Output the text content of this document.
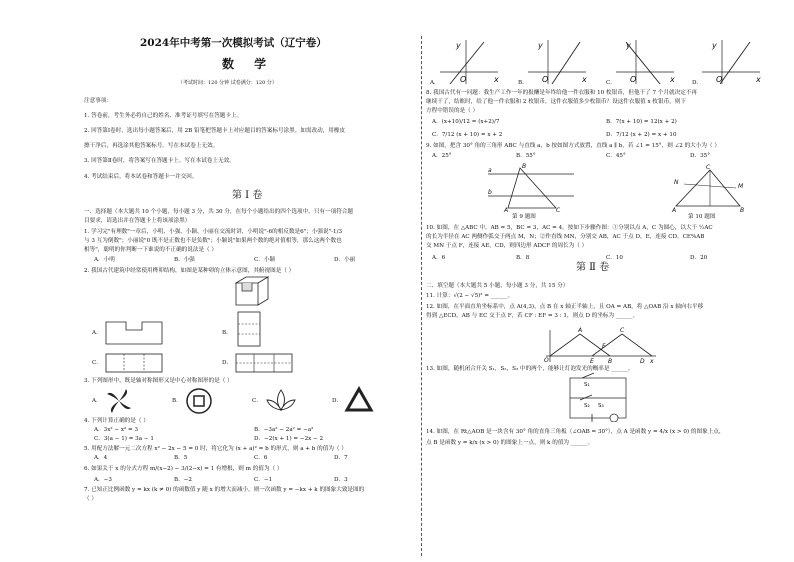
2024年中考第一次模拟考试（辽宁卷）
数 学
（考试时间：120 分钟 试卷满分：120 分）
注意事项：
1. 答卷前，考生务必将自己的姓名、准考证号填写在答题卡上。
2. 回答第Ⅰ卷时，选出每小题答案后，用 2B 铅笔把答题卡上对应题目的答案标号涂黑。如需改动，用橡皮
擦干净后，再选涂其他答案标号。写在本试卷上无效。
3. 回答第Ⅱ卷时，将答案写在答题卡上。写在本试卷上无效。
4. 考试结束后，将本试卷和答题卡一并交回。
第 Ⅰ 卷
一、选择题（本大题共 10 个小题，每小题 3 分，共 30 分，在每个小题给出的四个选项中，只有一项符合题
目要求，请选出并在答题卡上将该项涂黑）
1. 学习完"有理数"一章后，小明、小强、小颖、小丽在交流时讲，小明说"-6的相反数是6"；小强说"-1/3
与 3 互为倒数"；小丽说"0 既不是正数也不是负数"；小颖说"如果两个数的绝对值相等，那么这两个数也
相等"，聪明的你判断一下谁说的不正确的说法是（ ）
A．小明	B．小强	C．小颖	D．小丽
2. 我国古代建筑中经常使用榫卯结构，如图是某种卯的立体示意图，其俯视图是（ ）
A．	B．
C．	D．
3. 下列图形中，既是轴对称图形又是中心对称图形的是（ ）
A．	B．	C．	D．
4. 下列计算正确的是（ ）
A．3x² − x² = 3	B．−3a² − 2a² = −a²
C．3(a − 1) = 3a − 1	D．−2(x + 1) = −2x − 2
5. 用配方法解一元二次方程 x² − 2x − 5 = 0 时，将它化为 (x + a)² = b 的形式，则 a + b 的值为（ ）
A．4	B．5	C．6	D．7
6. 如果关于 x 的分式方程 m/(x−2) − 3/(2−x) = 1 有增根，则 m 的值为（ ）
A．−3	B．−2	C．−1	D．3
7. 已知正比例函数 y = kx (k ≠ 0) 的函数值 y 随 x 的增大而减小，则一次函数 y = −kx + k 的图象大致是图的
（ ）
O	x
y
O	x
y
O	x
y
O	x
y
A．	B．	C．	D．
8. 我国古代有一问题：我生产工作一年的报酬是年终给他一件衣服和 10 枚银币，但他干了 7 个月就决定不再
继续干了，结账时，给了他一件衣服和 2 枚银币，这件衣服值多少枚银币？设这件衣服值 x 枚银币，则下
方程中错误的是（ ）
A．(x+10)/12 = (x+2)/7	B．7(x + 10) = 12(x + 2)
C．7/12 (x + 10) = x + 2	D．7/12 (x + 2) = x + 10
9. 如图，把含 30° 角的三角形 ABC 与直线 a，b 按如图方式放置，直线 a ∥ b，若 ∠1 = 15°，则 ∠2 的大小为（ ）
A．25°	B．55°	C．45°	D．35°
a
b
B
C
A
第 9 题图
N
M
C
A	B
第 10 题图
10. 如图，在 △ABC 中，AB = 5，BC = 3，AC = 4，按如下步骤作图：①分别以点 A，C 为圆心，以大于 ½AC
的长为半径在 AC 两侧作弧交于两点 M，N；②作直线 MN，分别交 AB，AC 于点 D，E，连接 CD。CE%AB
交 MN 于点 F，连接 AE，CD，则四边形 ADCF 的周长为（ ）
A．6	B．8	C．10	D．20
第 Ⅱ 卷
二、填空题（本大题共 5 小题，每小题 3 分，共 15 分）
11. 计算：√(2 − √5)² = ______。
12. 如图，在平面直角坐标系中，点 A(4,3)，点 B 在 x 轴正半轴上，且 OA = AB，将 △OAB 沿 x 轴向右平移
得到 △ECD，AB 与 EC 交于点 F，若 CF : EF = 3 : 1，则点 D 的坐标为 ______。
O
A
F
E B	D x
C
13. 如图，随机闭合开关 S₁，S₂，S₃ 中的两个，能够让灯泡发光的概率是 ______。
S₁
S₂ S₃
14. 如图，在 Rt△AOB 是一块含有 30° 角的直角三角板（∠OAB = 30°），点 A 是函数 y = 4/x (x > 0) 的图象上点，
点 B 是函数 y = k/x (x > 0) 的图象上一点，则 k 的值为 ______。
